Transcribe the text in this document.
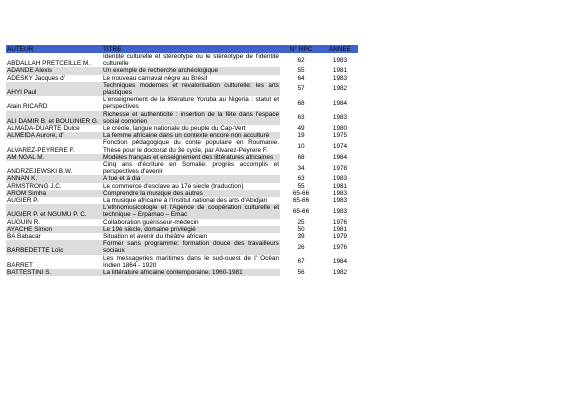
AUTEUR	TITRE	N° RPC	ANNEE
ABDALLAH PRETCEILLE M.	Identité culturelle et stéréotype ou le stéréotype de l'identité culturelle	62	1983
ADANDE Alexis	Un exemple de recherche archéologique	55	1981
ADESKY Jacques d'	Le nouveau carnaval nègre au Brésil	64	1983
AHYI Paul	Techniques modernes et revalorisation culturelle: les arts plastiques	57	1982
Alain RICARD	L'enseignement de la littérature Yoruba au Nigeria : statut et perspectives	68	1984
ALI DAMIR B. et BOULINIER G.	Richesse et authenticité : insertion de la fête dans l'espace social comorien	63	1983
ALMADA-DUARTE Dulce	Le créole, langue nationale du peuple du Cap-Vert	49	1980
ALMEIDA Aurore, d'	La femme africaine dans un contexte encore non acculturé	19	1975
ALVAREZ-PEYRERE F.	Fonction pédagogique du conte populaire en Roumanie. Thèse pour le doctorat du 3è cycle, par Alvarez-Peyrere F.	10	1974
AM NGAL M.	Modèles français et enseignement des littératures africaines	68	1984
ANDRZEJEWSKI B.W.	Cinq ans d'écriture en Somalie: progrès accomplis et perspectives d'avenir	34	1978
ANNAN K.	A tue et à dia	63	1983
ARMSTRONG J.C.	Le commerce d'esclave au 17è siecle (traduction)	55	1981
AROM Simha	Comprendre la musique des autres	65-66	1983
AUGIER P.	La musique africaine à l'Institut national des arts d'Abidjan	65-66	1983
AUGIER P. et NGUMU P. C.	L'ethnomusicologie et l'Agence de coopération culturelle et technique – Erpamao – Emac	65-66	1983
AUGUIN R.	Collaboration guérisseur-médecin	25	1976
AYACHE Simon	Le 19è siècle, domaine privilégié	50	1981
BA Babacar	Situation et avenir du théâtre africain	39	1979
BARBEDETTE Loïc	Former sans programme: formation douce des travailleurs sociaux	26	1976
BARRET	Les messageries maritimes dans le sud-ouest de l' Océan Indien 1864 - 1920	67	1984
BATTESTINI S.	La littérature africaine contemporaine, 1960-1981	56	1982
